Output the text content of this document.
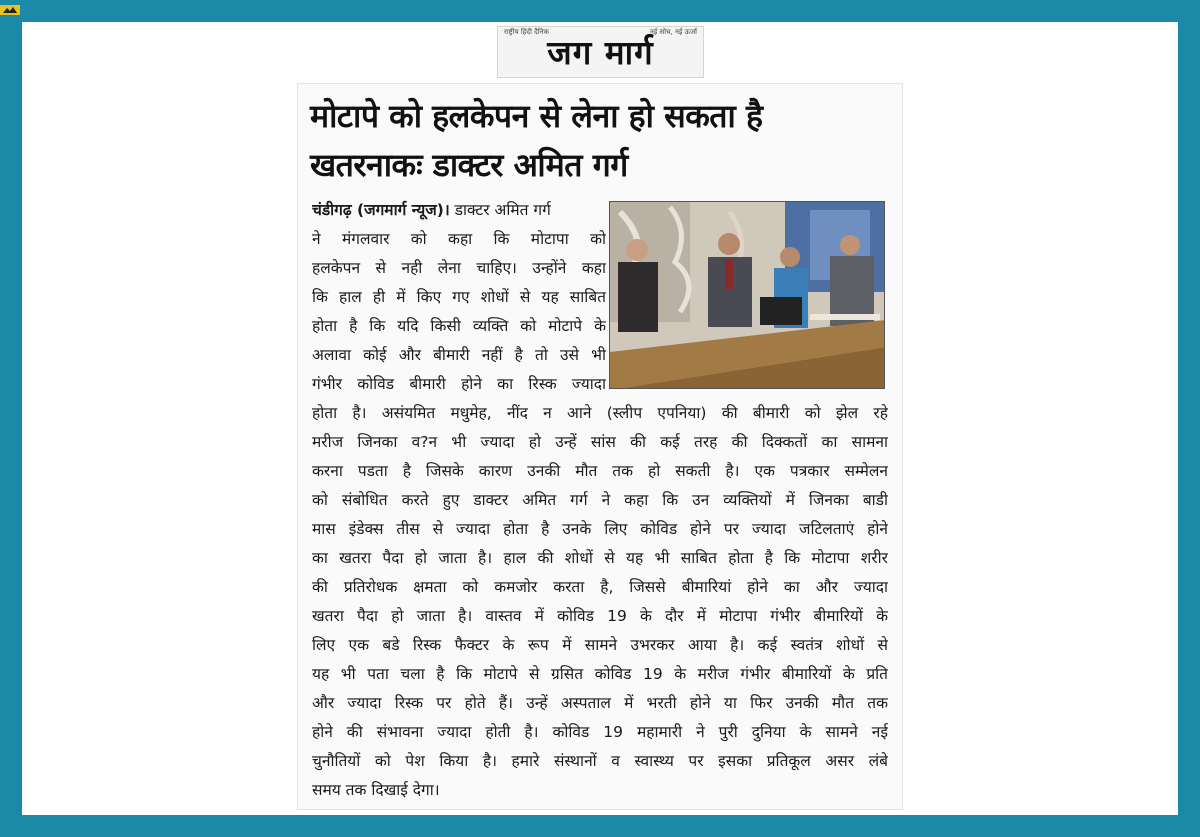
राष्ट्रीय हिंदी दैनिक	नई सोच, नई ऊर्जा
जग मार्ग
मोटापे को हलकेपन से लेना हो सकता है
खतरनाकः डाक्टर अमित गर्ग
चंडीगढ़ (जगमार्ग न्यूज)। डाक्टर अमित गर्ग
ने मंगलवार को कहा कि मोटापा को
हलकेपन से नही लेना चाहिए। उन्होंने कहा
कि हाल ही में किए गए शोधों से यह साबित
होता है कि यदि किसी व्यक्ति को मोटापे के
अलावा कोई और बीमारी नहीं है तो उसे भी
गंभीर कोविड बीमारी होने का रिस्क ज्यादा
होता है। असंयमित मधुमेह, नींद न आने (स्लीप एपनिया) की बीमारी को झेल रहे
मरीज जिनका व?न भी ज्यादा हो उन्हें सांस की कई तरह की दिक्कतों का सामना
करना पडता है जिसके कारण उनकी मौत तक हो सकती है। एक पत्रकार सम्मेलन
को संबोधित करते हुए डाक्टर अमित गर्ग ने कहा कि उन व्यक्तियों में जिनका बाडी
मास इंडेक्स तीस से ज्यादा होता है उनके लिए कोविड होने पर ज्यादा जटिलताएं होने
का खतरा पैदा हो जाता है। हाल की शोधों से यह भी साबित होता है कि मोटापा शरीर
की प्रतिरोधक क्षमता को कमजोर करता है, जिससे बीमारियां होने का और ज्यादा
खतरा पैदा हो जाता है। वास्तव में कोविड 19 के दौर में मोटापा गंभीर बीमारियों के
लिए एक बडे रिस्क फैक्टर के रूप में सामने उभरकर आया है। कई स्वतंत्र शोधों से
यह भी पता चला है कि मोटापे से ग्रसित कोविड 19 के मरीज गंभीर बीमारियों के प्रति
और ज्यादा रिस्क पर होते हैं। उन्हें अस्पताल में भरती होने या फिर उनकी मौत तक
होने की संभावना ज्यादा होती है। कोविड 19 महामारी ने पुरी दुनिया के सामने नई
चुनौतियों को पेश किया है। हमारे संस्थानों व स्वास्थ्य पर इसका प्रतिकूल असर लंबे
समय तक दिखाई देगा।
